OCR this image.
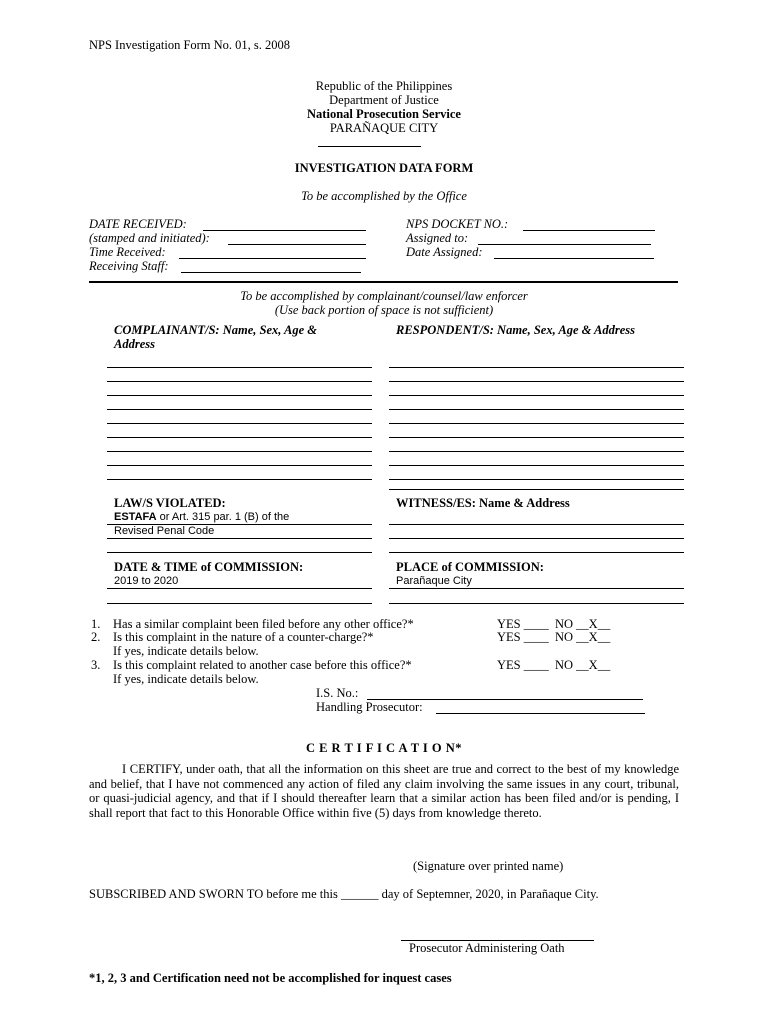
NPS Investigation Form No. 01, s. 2008
Republic of the Philippines
Department of Justice
National Prosecution Service
PARAÑAQUE CITY
INVESTIGATION DATA FORM
To be accomplished by the Office
DATE RECEIVED:
(stamped and initiated):
Time Received:
Receiving Staff:
NPS DOCKET NO.:
Assigned to:
Date Assigned:
To be accomplished by complainant/counsel/law enforcer
(Use back portion of space is not sufficient)
COMPLAINANT/S: Name, Sex, Age &
Address
RESPONDENT/S: Name, Sex, Age & Address
LAW/S VIOLATED:
ESTAFA or Art. 315 par. 1 (B) of the
Revised Penal Code
WITNESS/ES: Name & Address
DATE & TIME of COMMISSION:
2019 to 2020
PLACE of COMMISSION:
Parañaque City
1. Has a similar complaint been filed before any other office?*	YES ____  NO __X__
2. Is this complaint in the nature of a counter-charge?*	YES ____  NO __X__
If yes, indicate details below.
3. Is this complaint related to another case before this office?*	YES ____  NO __X__
If yes, indicate details below.
I.S. No.:
Handling Prosecutor:
C E R T I F I C A T I O N*
I CERTIFY, under oath, that all the information on this sheet are true and correct to the best of my knowledge and belief, that I have not commenced any action of filed any claim involving the same issues in any court, tribunal, or quasi-judicial agency, and that if I should thereafter learn that a similar action has been filed and/or is pending, I shall report that fact to this Honorable Office within five (5) days from knowledge thereto.
(Signature over printed name)
SUBSCRIBED AND SWORN TO before me this ______ day of Septemner, 2020, in Parañaque City.
Prosecutor Administering Oath
*1, 2, 3 and Certification need not be accomplished for inquest cases
